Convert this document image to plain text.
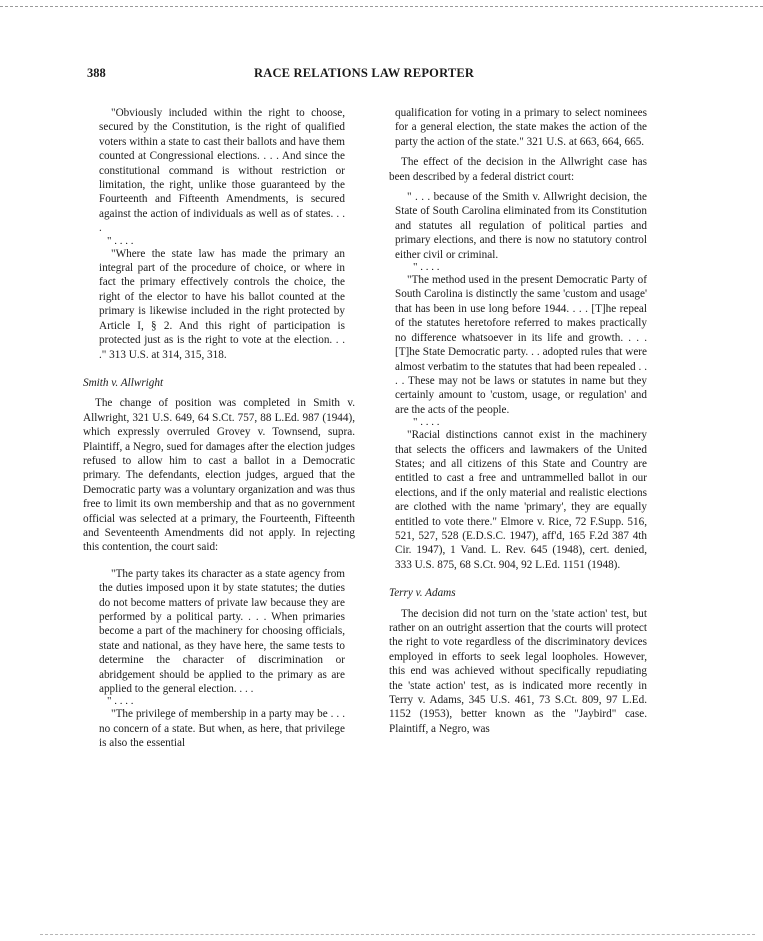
388	RACE RELATIONS LAW REPORTER

"Obviously included within the right to choose, secured by the Constitution, is the right of qualified voters within a state to cast their ballots and have them counted at Congressional elections. . . . And since the constitutional command is without restriction or limitation, the right, unlike those guaranteed by the Fourteenth and Fifteenth Amendments, is secured against the action of individuals as well as of states. . . .

" . . . .

"Where the state law has made the primary an integral part of the procedure of choice, or where in fact the primary effectively controls the choice, the right of the elector to have his ballot counted at the primary is likewise included in the right protected by Article I, § 2. And this right of participation is protected just as is the right to vote at the election. . . ." 313 U.S. at 314, 315, 318.

Smith v. Allwright

The change of position was completed in Smith v. Allwright, 321 U.S. 649, 64 S.Ct. 757, 88 L.Ed. 987 (1944), which expressly overruled Grovey v. Townsend, supra. Plaintiff, a Negro, sued for damages after the election judges refused to allow him to cast a ballot in a Democratic primary. The defendants, election judges, argued that the Democratic party was a voluntary organization and was thus free to limit its own membership and that as no government official was selected at a primary, the Fourteenth, Fifteenth and Seventeenth Amendments did not apply. In rejecting this contention, the court said:

"The party takes its character as a state agency from the duties imposed upon it by state statutes; the duties do not become matters of private law because they are performed by a political party. . . . When primaries become a part of the machinery for choosing officials, state and national, as they have here, the same tests to determine the character of discrimination or abridgement should be applied to the primary as are applied to the general election. . . .

" . . . .

"The privilege of membership in a party may be . . . no concern of a state. But when, as here, that privilege is also the essential

qualification for voting in a primary to select nominees for a general election, the state makes the action of the party the action of the state." 321 U.S. at 663, 664, 665.

The effect of the decision in the Allwright case has been described by a federal district court:

" . . . because of the Smith v. Allwright decision, the State of South Carolina eliminated from its Constitution and statutes all regulation of political parties and primary elections, and there is now no statutory control either civil or criminal.

" . . . .

"The method used in the present Democratic Party of South Carolina is distinctly the same 'custom and usage' that has been in use long before 1944. . . . [T]he repeal of the statutes heretofore referred to makes practically no difference whatsoever in its life and growth. . . . [T]he State Democratic party. . . adopted rules that were almost verbatim to the statutes that had been repealed . . . . These may not be laws or statutes in name but they certainly amount to 'custom, usage, or regulation' and are the acts of the people.

" . . . .

"Racial distinctions cannot exist in the machinery that selects the officers and lawmakers of the United States; and all citizens of this State and Country are entitled to cast a free and untrammelled ballot in our elections, and if the only material and realistic elections are clothed with the name 'primary', they are equally entitled to vote there." Elmore v. Rice, 72 F.Supp. 516, 521, 527, 528 (E.D.S.C. 1947), aff'd, 165 F.2d 387 4th Cir. 1947), 1 Vand. L. Rev. 645 (1948), cert. denied, 333 U.S. 875, 68 S.Ct. 904, 92 L.Ed. 1151 (1948).

Terry v. Adams

The decision did not turn on the 'state action' test, but rather on an outright assertion that the courts will protect the right to vote regardless of the discriminatory devices employed in efforts to seek legal loopholes. However, this end was achieved without specifically repudiating the 'state action' test, as is indicated more recently in Terry v. Adams, 345 U.S. 461, 73 S.Ct. 809, 97 L.Ed. 1152 (1953), better known as the "Jaybird" case. Plaintiff, a Negro, was
